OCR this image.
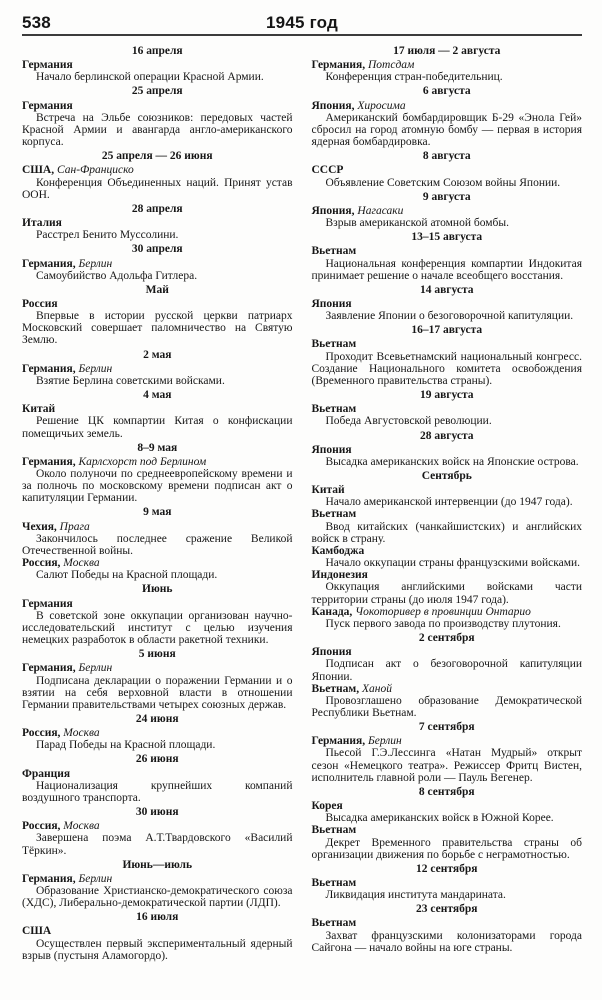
538	1945 год
16 апреля

Германия

Начало берлинской операции Красной Армии.

25 апреля

Германия

Встреча на Эльбе союзников: передовых частей Красной Армии и авангарда англо-американского корпуса.

25 апреля — 26 июня

США, Сан-Франциско

Конференция Объединенных наций. Принят устав ООН.

28 апреля

Италия

Расстрел Бенито Муссолини.

30 апреля

Германия, Берлин

Самоубийство Адольфа Гитлера.

Май

Россия

Впервые в истории русской церкви патриарх Московский совершает паломничество на Святую Землю.

2 мая

Германия, Берлин

Взятие Берлина советскими войсками.

4 мая

Китай

Решение ЦК компартии Китая о конфискации помещичьих земель.

8–9 мая

Германия, Карлсхорст под Берлином

Около полуночи по среднеевропейскому времени и за полночь по московскому времени подписан акт о капитуляции Германии.

9 мая

Чехия, Прага

Закончилось последнее сражение Великой Отечественной войны.

Россия, Москва

Салют Победы на Красной площади.

Июнь

Германия

В советской зоне оккупации организован научно-исследовательский институт с целью изучения немецких разработок в области ракетной техники.

5 июня

Германия, Берлин

Подписана декларации о поражении Германии и о взятии на себя верховной власти в отношении Германии правительствами четырех союзных держав.

24 июня

Россия, Москва

Парад Победы на Красной площади.

26 июня

Франция

Национализация крупнейших компаний воздушного транспорта.

30 июня

Россия, Москва

Завершена поэма А.Т.Твардовского «Василий Тёркин».

Июнь—июль

Германия, Берлин

Образование Христианско-демократического союза (ХДС), Либерально-демократической партии (ЛДП).

16 июля

США

Осуществлен первый экспериментальный ядерный взрыв (пустыня Аламогордо).

17 июля — 2 августа

Германия, Потсдам

Конференция стран-победительниц.

6 августа

Япония, Хиросима

Американский бомбардировщик Б-29 «Энола Гей» сбросил на город атомную бомбу — первая в история ядерная бомбардировка.

8 августа

СССР

Объявление Советским Союзом войны Японии.

9 августа

Япония, Нагасаки

Взрыв американской атомной бомбы.

13–15 августа

Вьетнам

Национальная конференция компартии Индокитая принимает решение о начале всеобщего восстания.

14 августа

Япония

Заявление Японии о безоговорочной капитуляции.

16–17 августа

Вьетнам

Проходит Всевьетнамский национальный конгресс. Создание Национального комитета освобождения (Временного правительства страны).

19 августа

Вьетнам

Победа Августовской революции.

28 августа

Япония

Высадка американских войск на Японские острова.

Сентябрь

Китай

Начало американской интервенции (до 1947 года).

Вьетнам

Ввод китайских (чанкайшистских) и английских войск в страну.

Камбоджа

Начало оккупации страны французскими войсками.

Индонезия

Оккупация английскими войсками части территории страны (до июля 1947 года).

Канада, Чокоторивер в провинции Онтарио

Пуск первого завода по производству плутония.

2 сентября

Япония

Подписан акт о безоговорочной капитуляции Японии.

Вьетнам, Ханой

Провозглашено образование Демократической Республики Вьетнам.

7 сентября

Германия, Берлин

Пьесой Г.Э.Лессинга «Натан Мудрый» открыт сезон «Немецкого театра». Режиссер Фритц Вистен, исполнитель главной роли — Пауль Вегенер.

8 сентября

Корея

Высадка американских войск в Южной Корее.

Вьетнам

Декрет Временного правительства страны об организации движения по борьбе с неграмотностью.

12 сентября

Вьетнам

Ликвидация института мандарината.

23 сентября

Вьетнам

Захват французскими колонизаторами города Сайгона — начало войны на юге страны.
